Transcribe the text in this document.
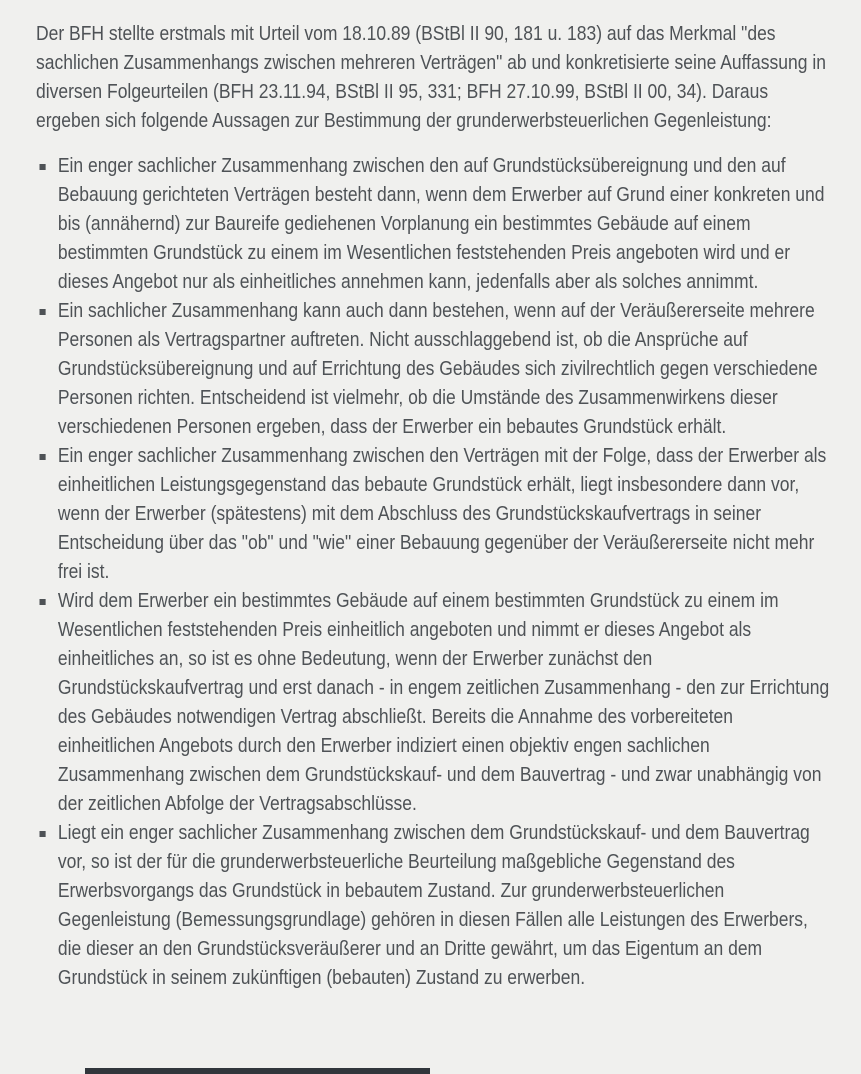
Der BFH stellte erstmals mit Urteil vom 18.10.89 (BStBl II 90, 181 u. 183) auf das Merkmal "des sachlichen Zusammenhangs zwischen mehreren Verträgen" ab und konkretisierte seine Auffassung in diversen Folgeurteilen (BFH 23.11.94, BStBl II 95, 331; BFH 27.10.99, BStBl II 00, 34). Daraus ergeben sich folgende Aussagen zur Bestimmung der grunderwerbsteuerlichen Gegenleistung:

Ein enger sachlicher Zusammenhang zwischen den auf Grundstücksübereignung und den auf Bebauung gerichteten Verträgen besteht dann, wenn dem Erwerber auf Grund einer konkreten und bis (annähernd) zur Baureife gediehenen Vorplanung ein bestimmtes Gebäude auf einem bestimmten Grundstück zu einem im Wesentlichen feststehenden Preis angeboten wird und er dieses Angebot nur als einheitliches annehmen kann, jedenfalls aber als solches annimmt.
Ein sachlicher Zusammenhang kann auch dann bestehen, wenn auf der Veräußererseite mehrere Personen als Vertragspartner auftreten. Nicht ausschlaggebend ist, ob die Ansprüche auf Grundstücksübereignung und auf Errichtung des Gebäudes sich zivilrechtlich gegen verschiedene Personen richten. Entscheidend ist vielmehr, ob die Umstände des Zusammenwirkens dieser verschiedenen Personen ergeben, dass der Erwerber ein bebautes Grundstück erhält.
Ein enger sachlicher Zusammenhang zwischen den Verträgen mit der Folge, dass der Erwerber als einheitlichen Leistungsgegenstand das bebaute Grundstück erhält, liegt insbesondere dann vor, wenn der Erwerber (spätestens) mit dem Abschluss des Grundstückskaufvertrags in seiner Entscheidung über das "ob" und "wie" einer Bebauung gegenüber der Veräußererseite nicht mehr frei ist.
Wird dem Erwerber ein bestimmtes Gebäude auf einem bestimmten Grundstück zu einem im Wesentlichen feststehenden Preis einheitlich angeboten und nimmt er dieses Angebot als einheitliches an, so ist es ohne Bedeutung, wenn der Erwerber zunächst den Grundstückskaufvertrag und erst danach - in engem zeitlichen Zusammenhang - den zur Errichtung des Gebäudes notwendigen Vertrag abschließt. Bereits die Annahme des vorbereiteten einheitlichen Angebots durch den Erwerber indiziert einen objektiv engen sachlichen Zusammenhang zwischen dem Grundstückskauf- und dem Bauvertrag - und zwar unabhängig von der zeitlichen Abfolge der Vertragsabschlüsse.
Liegt ein enger sachlicher Zusammenhang zwischen dem Grundstückskauf- und dem Bauvertrag vor, so ist der für die grunderwerbsteuerliche Beurteilung maßgebliche Gegenstand des Erwerbsvorgangs das Grundstück in bebautem Zustand. Zur grunderwerbsteuerlichen Gegenleistung (Bemessungsgrundlage) gehören in diesen Fällen alle Leistungen des Erwerbers, die dieser an den Grundstücksveräußerer und an Dritte gewährt, um das Eigentum an dem Grundstück in seinem zukünftigen (bebauten) Zustand zu erwerben.
